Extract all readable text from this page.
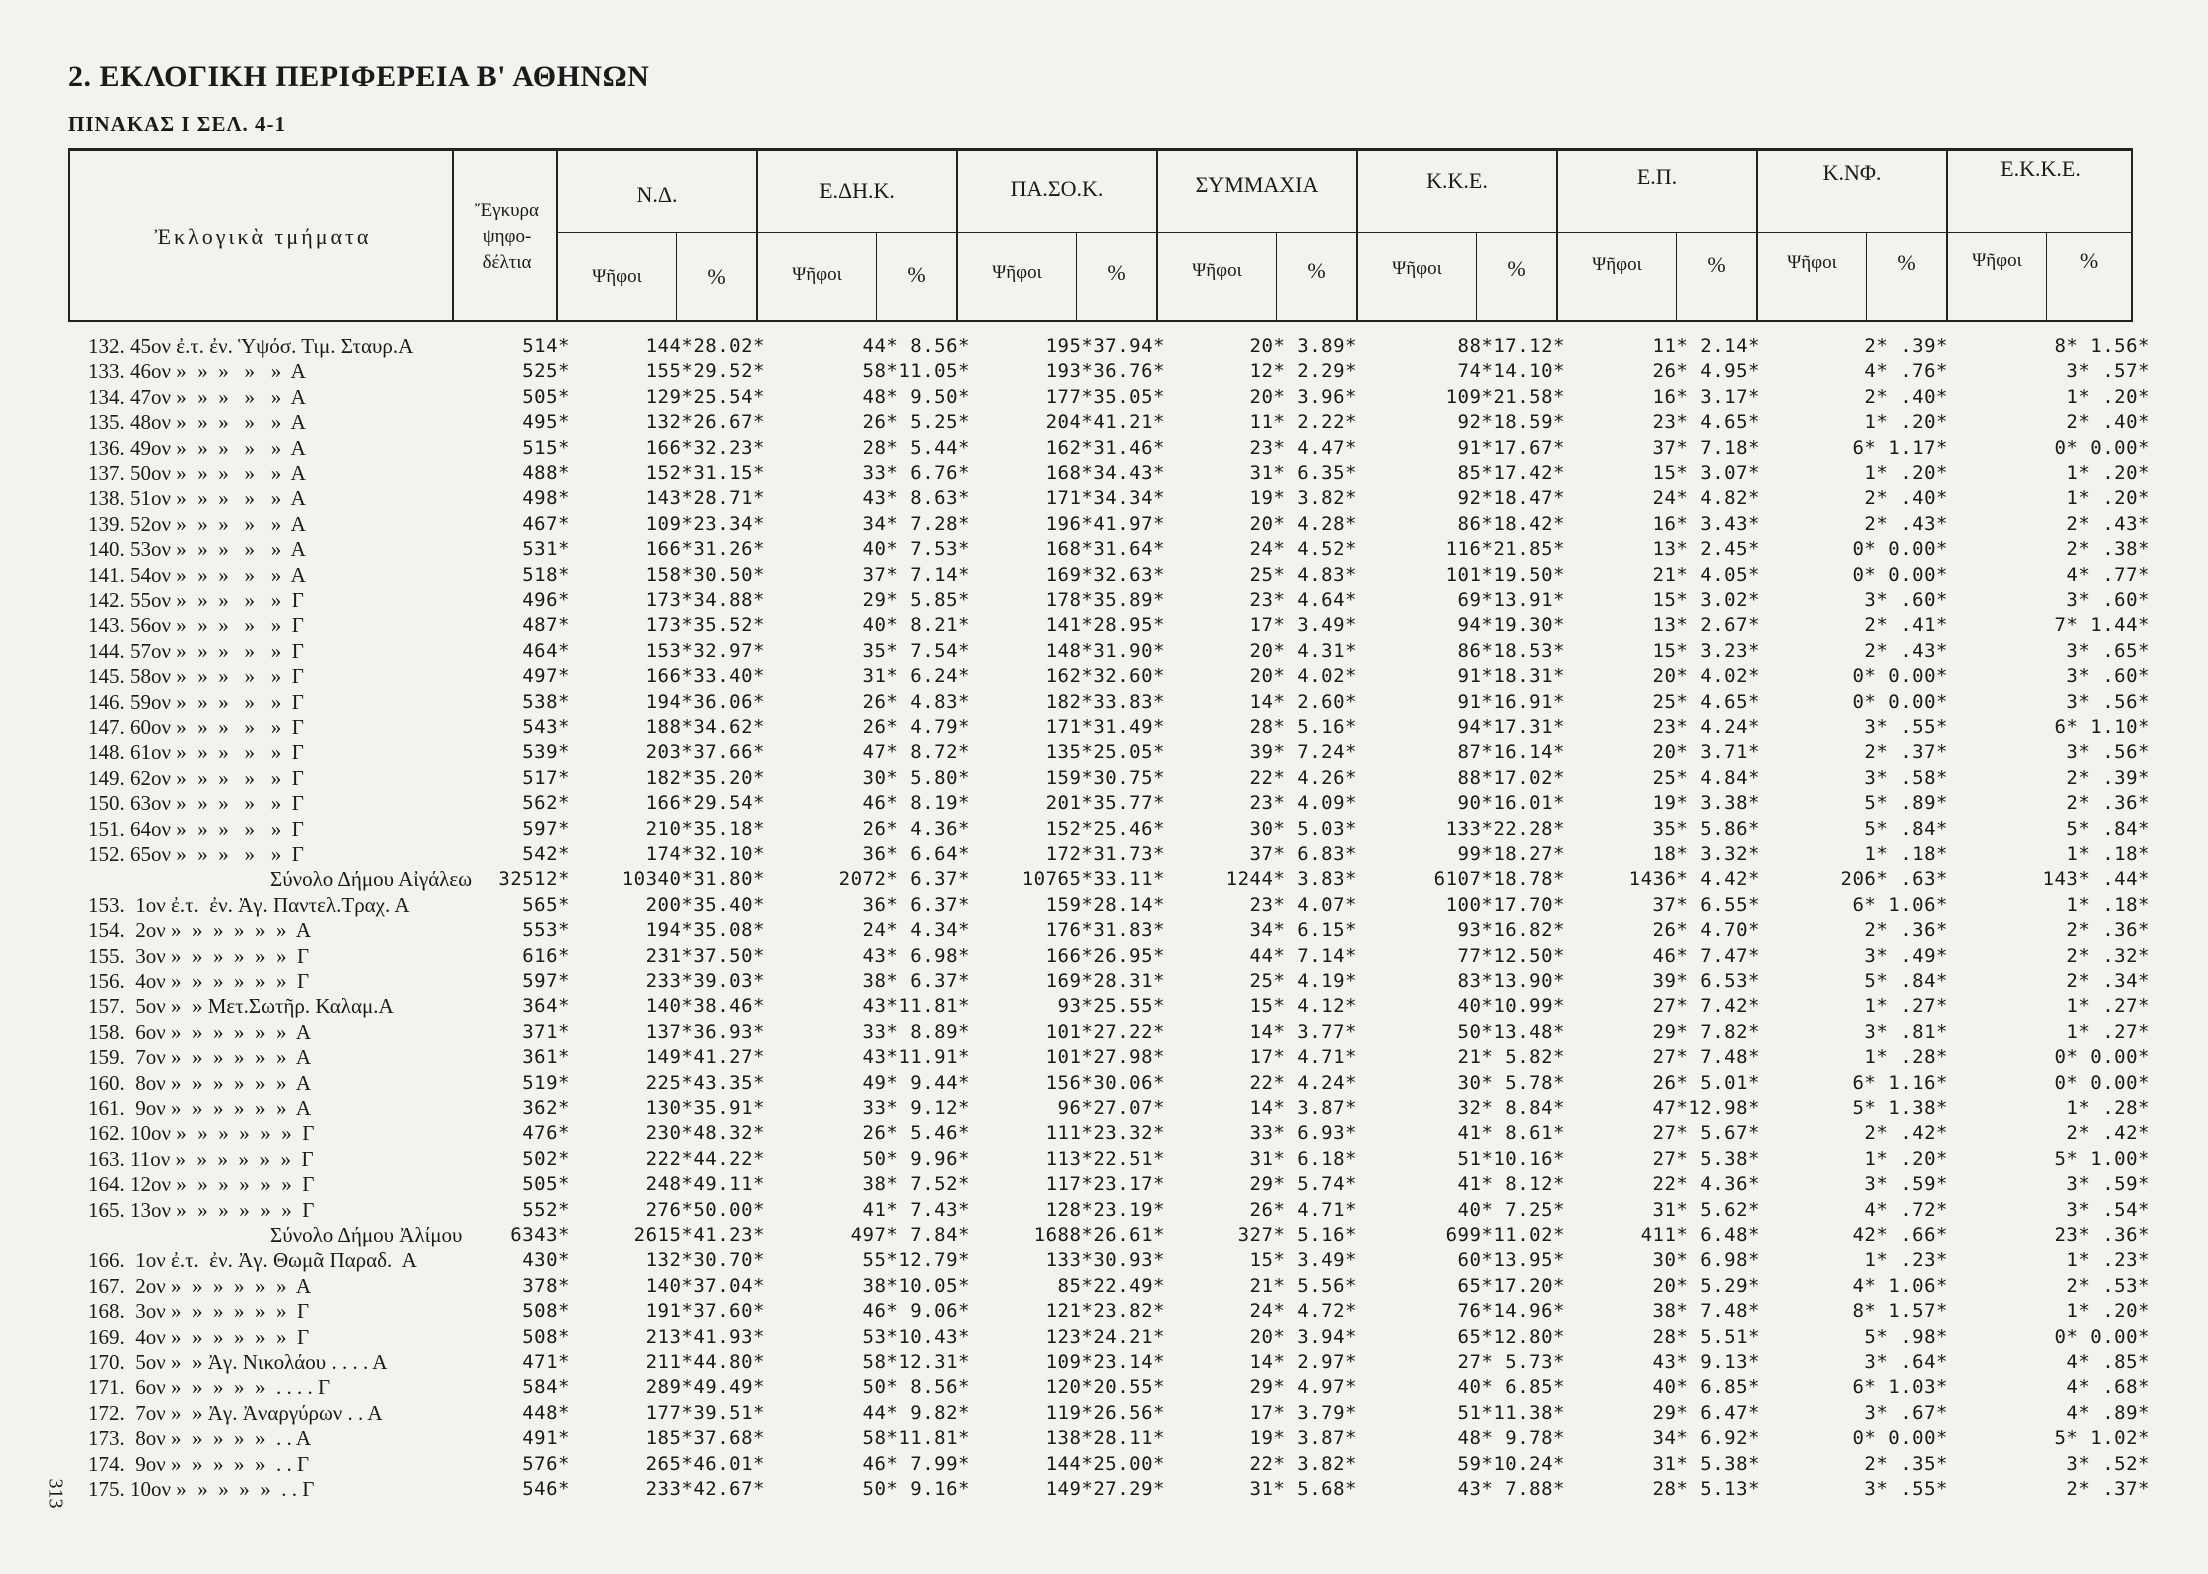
2. ΕΚΛΟΓΙΚΗ ΠΕΡΙΦΕΡΕΙΑ Β' ΑΘΗΝΩΝ
ΠΙΝΑΚΑΣ Ι ΣΕΛ. 4-1
313
Ἐκλογικὰ τμήματα
Ἔγκυρα
ψηφο-
δέλτια
Ν.Δ.	Ε.ΔΗ.Κ.	ΠΑ.ΣΟ.Κ.	ΣΥΜΜΑΧΙΑ	Κ.Κ.Ε.	Ε.Π.	Κ.ΝΦ.	Ε.Κ.Κ.Ε.
Ψῆφοι	%	Ψῆφοι	%	Ψῆφοι	%	Ψῆφοι	%	Ψῆφοι	%	Ψῆφοι	%	Ψῆφοι	%	Ψῆφοι	%
132. 45ον ἐ.τ. ἐν. Ὑψόσ. Τιμ. Σταυρ.Α	514*	144*28.02*	44* 8.56*	195*37.94*	20* 3.89*	88*17.12*	11* 2.14*	2* .39*	8* 1.56*
133. 46ον »  »  »   »   »  Α	525*	155*29.52*	58*11.05*	193*36.76*	12* 2.29*	74*14.10*	26* 4.95*	4* .76*	3* .57*
134. 47ον »  »  »   »   »  Α	505*	129*25.54*	48* 9.50*	177*35.05*	20* 3.96*	109*21.58*	16* 3.17*	2* .40*	1* .20*
135. 48ον »  »  »   »   »  Α	495*	132*26.67*	26* 5.25*	204*41.21*	11* 2.22*	92*18.59*	23* 4.65*	1* .20*	2* .40*
136. 49ον »  »  »   »   »  Α	515*	166*32.23*	28* 5.44*	162*31.46*	23* 4.47*	91*17.67*	37* 7.18*	6* 1.17*	0* 0.00*
137. 50ον »  »  »   »   »  Α	488*	152*31.15*	33* 6.76*	168*34.43*	31* 6.35*	85*17.42*	15* 3.07*	1* .20*	1* .20*
138. 51ον »  »  »   »   »  Α	498*	143*28.71*	43* 8.63*	171*34.34*	19* 3.82*	92*18.47*	24* 4.82*	2* .40*	1* .20*
139. 52ον »  »  »   »   »  Α	467*	109*23.34*	34* 7.28*	196*41.97*	20* 4.28*	86*18.42*	16* 3.43*	2* .43*	2* .43*
140. 53ον »  »  »   »   »  Α	531*	166*31.26*	40* 7.53*	168*31.64*	24* 4.52*	116*21.85*	13* 2.45*	0* 0.00*	2* .38*
141. 54ον »  »  »   »   »  Α	518*	158*30.50*	37* 7.14*	169*32.63*	25* 4.83*	101*19.50*	21* 4.05*	0* 0.00*	4* .77*
142. 55ον »  »  »   »   »  Γ	496*	173*34.88*	29* 5.85*	178*35.89*	23* 4.64*	69*13.91*	15* 3.02*	3* .60*	3* .60*
143. 56ον »  »  »   »   »  Γ	487*	173*35.52*	40* 8.21*	141*28.95*	17* 3.49*	94*19.30*	13* 2.67*	2* .41*	7* 1.44*
144. 57ον »  »  »   »   »  Γ	464*	153*32.97*	35* 7.54*	148*31.90*	20* 4.31*	86*18.53*	15* 3.23*	2* .43*	3* .65*
145. 58ον »  »  »   »   »  Γ	497*	166*33.40*	31* 6.24*	162*32.60*	20* 4.02*	91*18.31*	20* 4.02*	0* 0.00*	3* .60*
146. 59ον »  »  »   »   »  Γ	538*	194*36.06*	26* 4.83*	182*33.83*	14* 2.60*	91*16.91*	25* 4.65*	0* 0.00*	3* .56*
147. 60ον »  »  »   »   »  Γ	543*	188*34.62*	26* 4.79*	171*31.49*	28* 5.16*	94*17.31*	23* 4.24*	3* .55*	6* 1.10*
148. 61ον »  »  »   »   »  Γ	539*	203*37.66*	47* 8.72*	135*25.05*	39* 7.24*	87*16.14*	20* 3.71*	2* .37*	3* .56*
149. 62ον »  »  »   »   »  Γ	517*	182*35.20*	30* 5.80*	159*30.75*	22* 4.26*	88*17.02*	25* 4.84*	3* .58*	2* .39*
150. 63ον »  »  »   »   »  Γ	562*	166*29.54*	46* 8.19*	201*35.77*	23* 4.09*	90*16.01*	19* 3.38*	5* .89*	2* .36*
151. 64ον »  »  »   »   »  Γ	597*	210*35.18*	26* 4.36*	152*25.46*	30* 5.03*	133*22.28*	35* 5.86*	5* .84*	5* .84*
152. 65ον »  »  »   »   »  Γ	542*	174*32.10*	36* 6.64*	172*31.73*	37* 6.83*	99*18.27*	18* 3.32*	1* .18*	1* .18*
Σύνολο Δήμου Αἰγάλεω 32512*	10340*31.80*	2072* 6.37*	10765*33.11*	1244* 3.83*	6107*18.78*	1436* 4.42*	206* .63*	143* .44*
153.  1ον ἐ.τ.  ἐν. Ἀγ. Παντελ.Τραχ. Α	565*	200*35.40*	36* 6.37*	159*28.14*	23* 4.07*	100*17.70*	37* 6.55*	6* 1.06*	1* .18*
154.  2ον »  »  »  »  »  »  Α	553*	194*35.08*	24* 4.34*	176*31.83*	34* 6.15*	93*16.82*	26* 4.70*	2* .36*	2* .36*
155.  3ον »  »  »  »  »  »  Γ	616*	231*37.50*	43* 6.98*	166*26.95*	44* 7.14*	77*12.50*	46* 7.47*	3* .49*	2* .32*
156.  4ον »  »  »  »  »  »  Γ	597*	233*39.03*	38* 6.37*	169*28.31*	25* 4.19*	83*13.90*	39* 6.53*	5* .84*	2* .34*
157.  5ον »  » Μετ.Σωτῆρ. Καλαμ.Α	364*	140*38.46*	43*11.81*	93*25.55*	15* 4.12*	40*10.99*	27* 7.42*	1* .27*	1* .27*
158.  6ον »  »  »  »  »  »  Α	371*	137*36.93*	33* 8.89*	101*27.22*	14* 3.77*	50*13.48*	29* 7.82*	3* .81*	1* .27*
159.  7ον »  »  »  »  »  »  Α	361*	149*41.27*	43*11.91*	101*27.98*	17* 4.71*	21* 5.82*	27* 7.48*	1* .28*	0* 0.00*
160.  8ον »  »  »  »  »  »  Α	519*	225*43.35*	49* 9.44*	156*30.06*	22* 4.24*	30* 5.78*	26* 5.01*	6* 1.16*	0* 0.00*
161.  9ον »  »  »  »  »  »  Α	362*	130*35.91*	33* 9.12*	96*27.07*	14* 3.87*	32* 8.84*	47*12.98*	5* 1.38*	1* .28*
162. 10ον »  »  »  »  »  »  Γ	476*	230*48.32*	26* 5.46*	111*23.32*	33* 6.93*	41* 8.61*	27* 5.67*	2* .42*	2* .42*
163. 11ον »  »  »  »  »  »  Γ	502*	222*44.22*	50* 9.96*	113*22.51*	31* 6.18*	51*10.16*	27* 5.38*	1* .20*	5* 1.00*
164. 12ον »  »  »  »  »  »  Γ	505*	248*49.11*	38* 7.52*	117*23.17*	29* 5.74*	41* 8.12*	22* 4.36*	3* .59*	3* .59*
165. 13ον »  »  »  »  »  »  Γ	552*	276*50.00*	41* 7.43*	128*23.19*	26* 4.71*	40* 7.25*	31* 5.62*	4* .72*	3* .54*
Σύνολο Δήμου Ἀλίμου	6343*	2615*41.23*	497* 7.84*	1688*26.61*	327* 5.16*	699*11.02*	411* 6.48*	42* .66*	23* .36*
166.  1ον ἐ.τ.  ἐν. Ἀγ. Θωμᾶ Παραδ.  Α	430*	132*30.70*	55*12.79*	133*30.93*	15* 3.49*	60*13.95*	30* 6.98*	1* .23*	1* .23*
167.  2ον »  »  »  »  »  »  Α	378*	140*37.04*	38*10.05*	85*22.49*	21* 5.56*	65*17.20*	20* 5.29*	4* 1.06*	2* .53*
168.  3ον »  »  »  »  »  »  Γ	508*	191*37.60*	46* 9.06*	121*23.82*	24* 4.72*	76*14.96*	38* 7.48*	8* 1.57*	1* .20*
169.  4ον »  »  »  »  »  »  Γ	508*	213*41.93*	53*10.43*	123*24.21*	20* 3.94*	65*12.80*	28* 5.51*	5* .98*	0* 0.00*
170.  5ον »  » Ἀγ. Νικολάου . . . . Α	471*	211*44.80*	58*12.31*	109*23.14*	14* 2.97*	27* 5.73*	43* 9.13*	3* .64*	4* .85*
171.  6ον »  »  »  »  »  . . . . Γ	584*	289*49.49*	50* 8.56*	120*20.55*	29* 4.97*	40* 6.85*	40* 6.85*	6* 1.03*	4* .68*
172.  7ον »  » Ἀγ. Ἀναργύρων . . Α	448*	177*39.51*	44* 9.82*	119*26.56*	17* 3.79*	51*11.38*	29* 6.47*	3* .67*	4* .89*
173.  8ον »  »  »  »  »  . . Α	491*	185*37.68*	58*11.81*	138*28.11*	19* 3.87*	48* 9.78*	34* 6.92*	0* 0.00*	5* 1.02*
174.  9ον »  »  »  »  »  . . Γ	576*	265*46.01*	46* 7.99*	144*25.00*	22* 3.82*	59*10.24*	31* 5.38*	2* .35*	3* .52*
175. 10ον »  »  »  »  »  . . Γ	546*	233*42.67*	50* 9.16*	149*27.29*	31* 5.68*	43* 7.88*	28* 5.13*	3* .55*	2* .37*
